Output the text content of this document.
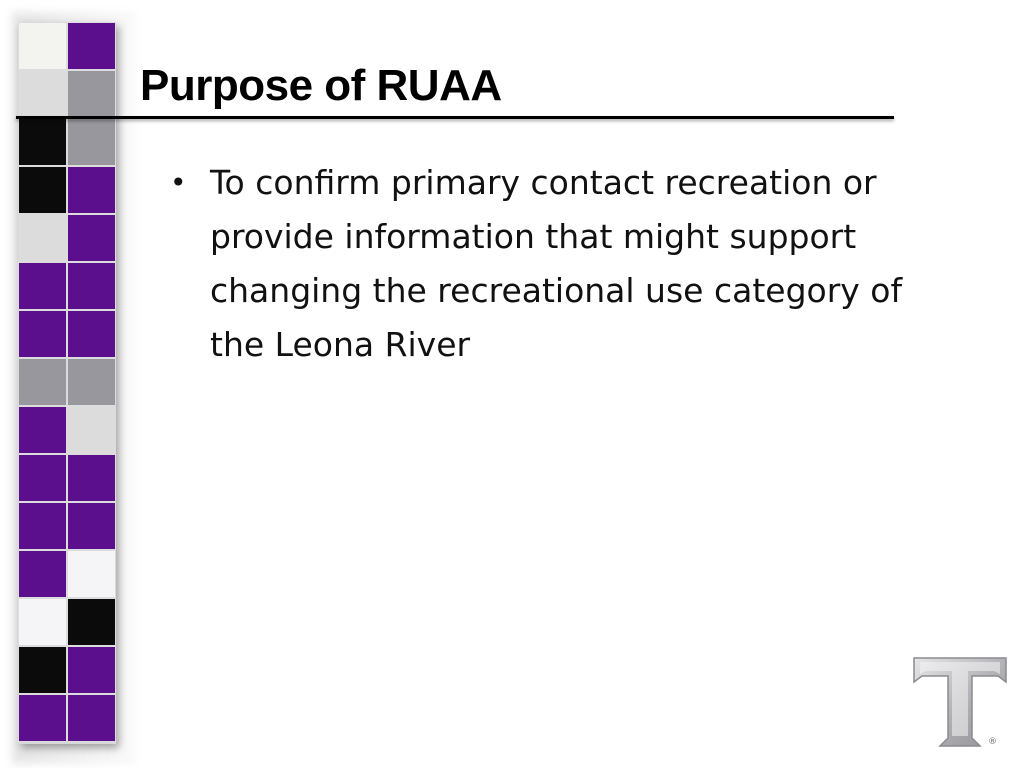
Purpose of RUAA
• To confirm primary contact recreation or provide information that might support changing the recreational use category of the Leona River
®
